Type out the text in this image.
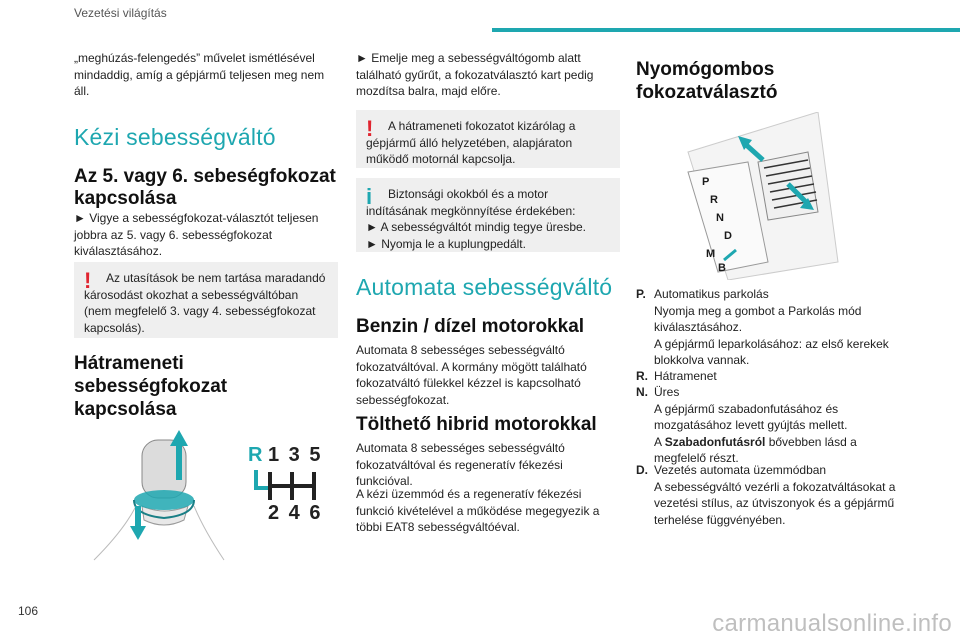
Vezetési világítás
„meghúzás-felengedés” művelet ismétlésével mindaddig, amíg a gépjármű teljesen meg nem áll.
Kézi sebességváltó
Az 5. vagy 6. sebeségfokozat kapcsolása
► Vigye a sebességfokozat-választót teljesen jobbra az 5. vagy 6. sebességfokozat kiválasztásához.
!	Az utasítások be nem tartása maradandó károsodást okozhat a sebességváltóban (nem megfelelő 3. vagy 4. sebességfokozat kapcsolás).
Hátrameneti sebességfokozat kapcsolása
R 1 3 5
2 4 6
► Emelje meg a sebességváltógomb alatt található gyűrűt, a fokozatválasztó kart pedig mozdítsa balra, majd előre.
!	A hátrameneti fokozatot kizárólag a gépjármű álló helyzetében, alapjáraton működő motornál kapcsolja.
i	Biztonsági okokból és a motor indításának megkönnyítése érdekében:
► A sebességváltót mindig tegye üresbe.
► Nyomja le a kuplungpedált.
Automata sebességváltó
Benzin / dízel motorokkal
Automata 8 sebességes sebességváltó fokozatváltóval. A kormány mögött található fokozatváltó fülekkel kézzel is kapcsolható sebességfokozat.
Tölthető hibrid motorokkal
Automata 8 sebességes sebességváltó fokozatváltóval és regeneratív fékezési funkcióval.
A kézi üzemmód és a regeneratív fékezési funkció kivételével a működése megegyezik a többi EAT8 sebességváltóéval.
Nyomógombos fokozatválasztó
P
R
N
D
M
B
P. Automatikus parkolás
Nyomja meg a gombot a Parkolás mód kiválasztásához.
A gépjármű leparkolásához: az első kerekek blokkolva vannak.
R. Hátramenet
N. Üres
A gépjármű szabadonfutásához és mozgatásához levett gyújtás mellett.
A Szabadonfutásról bővebben lásd a megfelelő részt.
D. Vezetés automata üzemmódban
A sebességváltó vezérli a fokozatváltásokat a vezetési stílus, az útviszonyok és a gépjármű terhelése függvényében.
106	carmanualsonline.info
